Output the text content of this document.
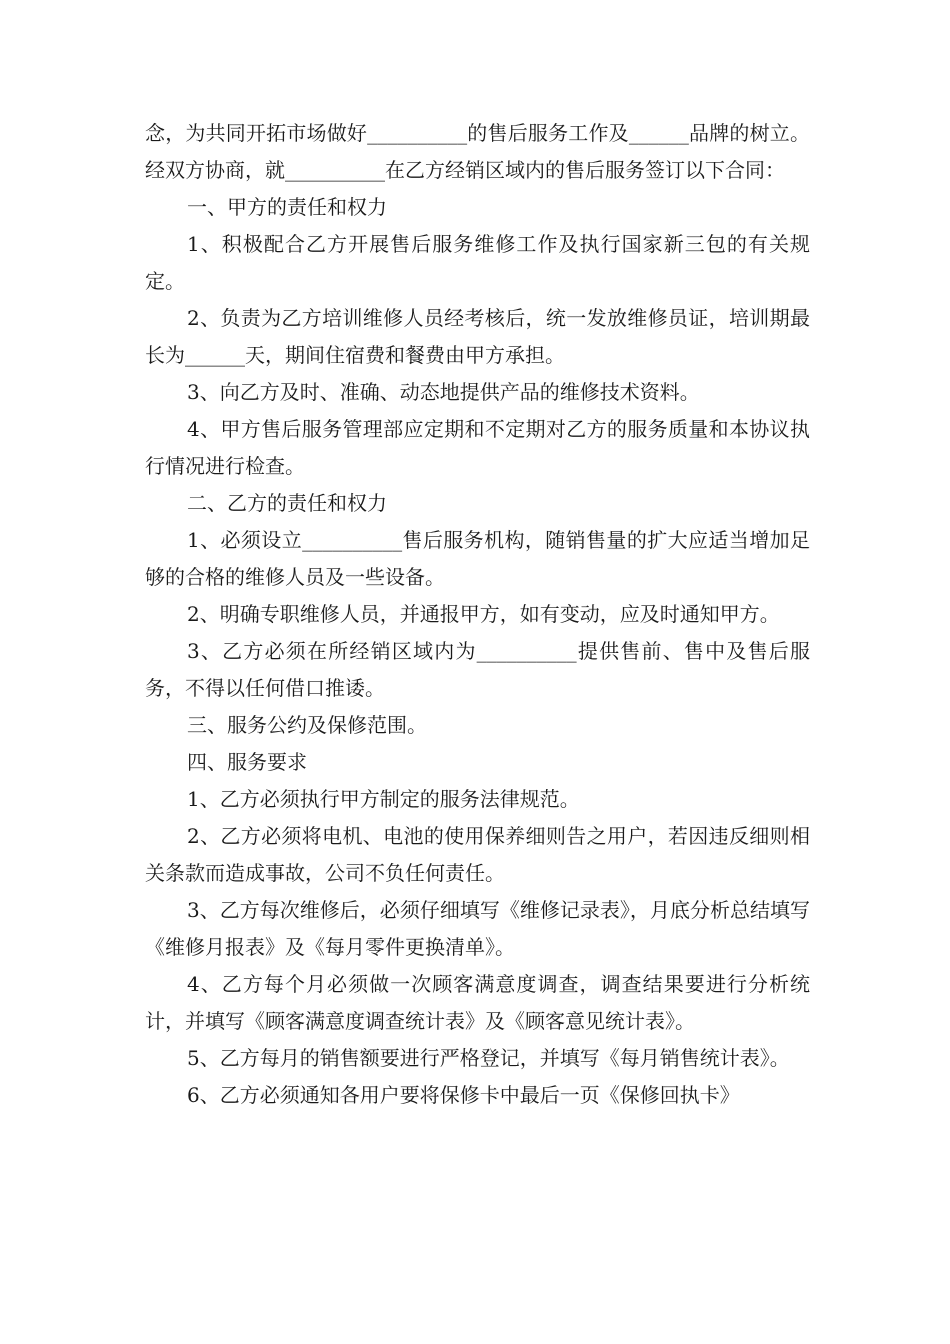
念，为共同开拓市场做好__________的售后服务工作及______品牌的树立。 经双方协商，就__________在乙方经销区域内的售后服务签订以下合同：

一、甲方的责任和权力

1、积极配合乙方开展售后服务维修工作及执行国家新三包的有关规定。

2、负责为乙方培训维修人员经考核后，统一发放维修员证，培训期最长为______天，期间住宿费和餐费由甲方承担。

3、向乙方及时、准确、动态地提供产品的维修技术资料。

4、甲方售后服务管理部应定期和不定期对乙方的服务质量和本协议执行情况进行检查。

二、乙方的责任和权力

1、必须设立__________售后服务机构，随销售量的扩大应适当增加足够的合格的维修人员及一些设备。

2、明确专职维修人员，并通报甲方，如有变动，应及时通知甲方。

3、乙方必须在所经销区域内为__________提供售前、售中及售后服务，不得以任何借口推诿。

三、服务公约及保修范围。

四、服务要求

1、乙方必须执行甲方制定的服务法律规范。

2、乙方必须将电机、电池的使用保养细则告之用户，若因违反细则相关条款而造成事故，公司不负任何责任。

3、乙方每次维修后，必须仔细填写《维修记录表》，月底分析总结填写《维修月报表》及《每月零件更换清单》。

4、乙方每个月必须做一次顾客满意度调查，调查结果要进行分析统计，并填写《顾客满意度调查统计表》及《顾客意见统计表》。

5、乙方每月的销售额要进行严格登记，并填写《每月销售统计表》。

6、乙方必须通知各用户要将保修卡中最后一页《保修回执卡》
